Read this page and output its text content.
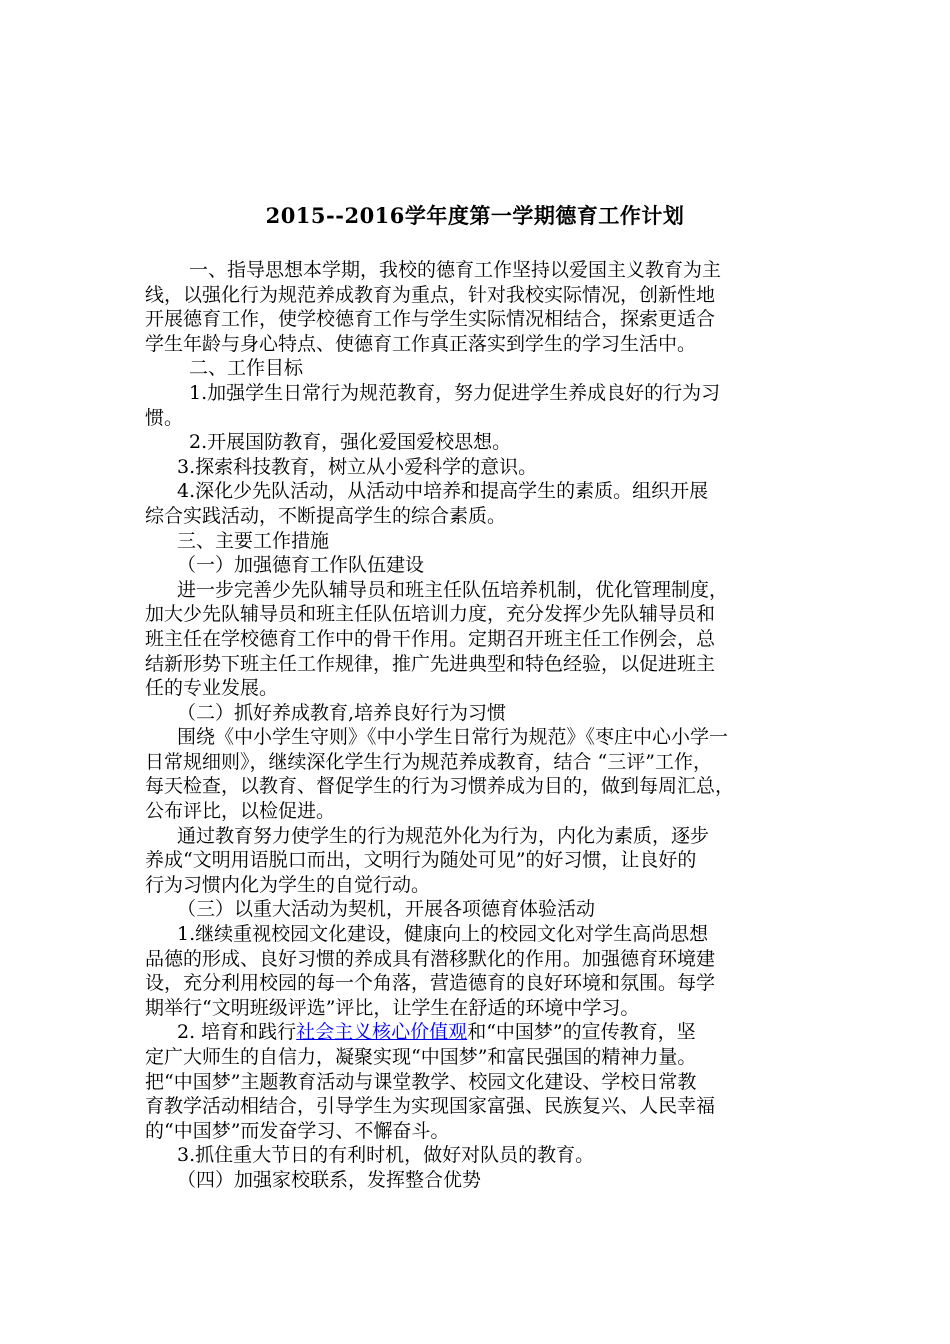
2015--2016学年度第一学期德育工作计划

一、指导思想本学期，我校的德育工作坚持以爱国主义教育为主

线，以强化行为规范养成教育为重点，针对我校实际情况，创新性地

开展德育工作，使学校德育工作与学生实际情况相结合，探索更适合

学生年龄与身心特点、使德育工作真正落实到学生的学习生活中。

二、工作目标

1.加强学生日常行为规范教育，努力促进学生养成良好的行为习

惯。

2.开展国防教育，强化爱国爱校思想。

3.探索科技教育，树立从小爱科学的意识。

4.深化少先队活动，从活动中培养和提高学生的素质。组织开展

综合实践活动，不断提高学生的综合素质。

三、主要工作措施

（一）加强德育工作队伍建设

进一步完善少先队辅导员和班主任队伍培养机制，优化管理制度，

加大少先队辅导员和班主任队伍培训力度，充分发挥少先队辅导员和

班主任在学校德育工作中的骨干作用。定期召开班主任工作例会，总

结新形势下班主任工作规律，推广先进典型和特色经验，以促进班主

任的专业发展。

（二）抓好养成教育,培养良好行为习惯

围绕《中小学生守则》《中小学生日常行为规范》《枣庄中心小学一

日常规细则》，继续深化学生行为规范养成教育，结合 “三评”工作，

每天检查，以教育、督促学生的行为习惯养成为目的，做到每周汇总，

公布评比，以检促进。

通过教育努力使学生的行为规范外化为行为，内化为素质，逐步

养成“文明用语脱口而出，文明行为随处可见”的好习惯，让良好的

行为习惯内化为学生的自觉行动。

（三）以重大活动为契机，开展各项德育体验活动

1.继续重视校园文化建设，健康向上的校园文化对学生高尚思想

品德的形成、良好习惯的养成具有潜移默化的作用。加强德育环境建

设，充分利用校园的每一个角落，营造德育的良好环境和氛围。每学

期举行“文明班级评选”评比，让学生在舒适的环境中学习。

2. 培育和践行社会主义核心价值观和“中国梦”的宣传教育，坚

定广大师生的自信力，凝聚实现“中国梦”和富民强国的精神力量。

把“中国梦”主题教育活动与课堂教学、校园文化建设、学校日常教

育教学活动相结合，引导学生为实现国家富强、民族复兴、人民幸福

的“中国梦”而发奋学习、不懈奋斗。

3.抓住重大节日的有利时机，做好对队员的教育。

（四）加强家校联系，发挥整合优势
